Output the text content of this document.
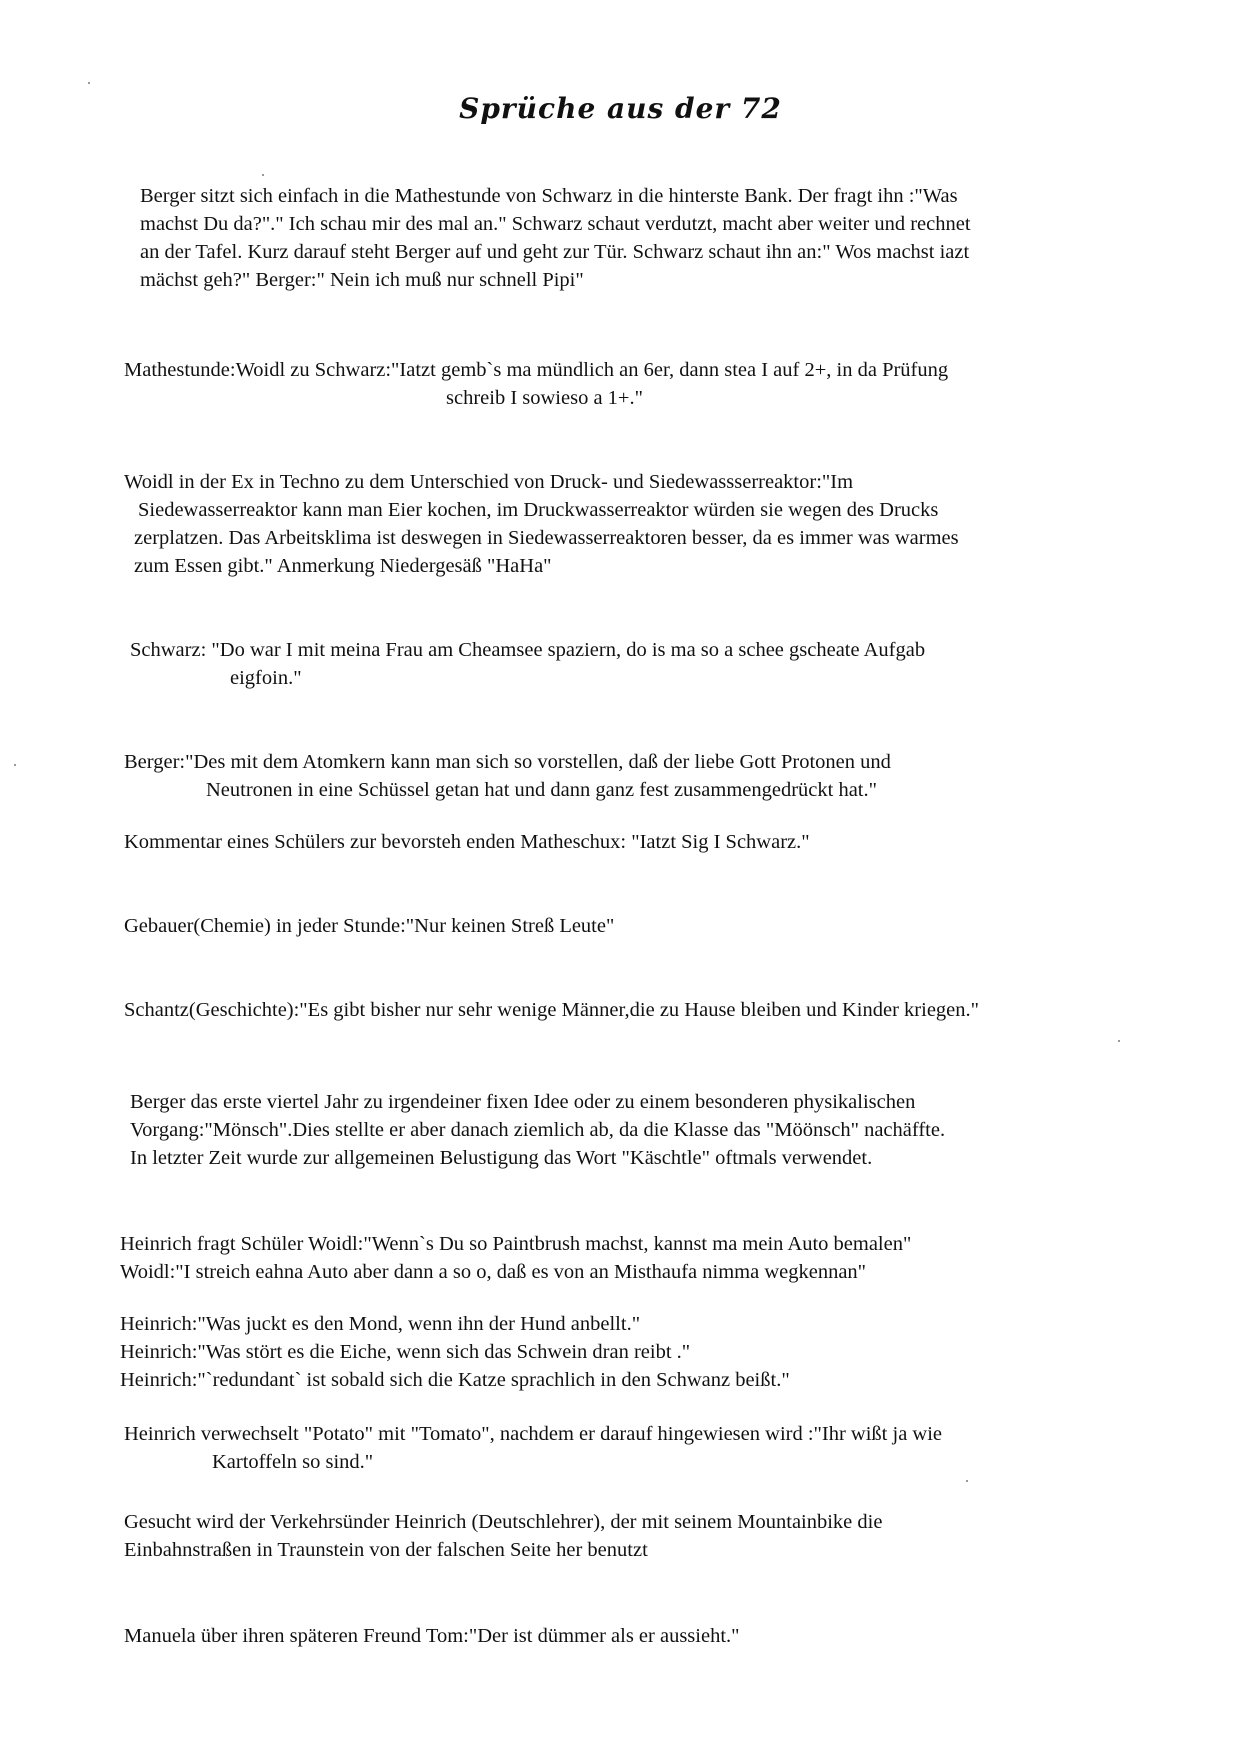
Sprüche aus der 72
Berger sitzt sich einfach in die Mathestunde von Schwarz in die hinterste Bank. Der fragt ihn :"Was
machst Du da?"." Ich schau mir des mal an." Schwarz schaut verdutzt, macht aber weiter und rechnet
an der Tafel. Kurz darauf steht Berger auf und geht zur Tür. Schwarz schaut ihn an:" Wos machst iazt
mächst geh?" Berger:" Nein ich muß nur schnell Pipi"
Mathestunde:Woidl zu Schwarz:"Iatzt gemb`s ma mündlich an 6er, dann stea I auf 2+, in da Prüfung
schreib I sowieso a 1+."
Woidl in der Ex in Techno zu dem Unterschied von Druck- und Siedewassserreaktor:"Im
Siedewasserreaktor kann man Eier kochen, im Druckwasserreaktor würden sie wegen des Drucks
zerplatzen. Das Arbeitsklima ist deswegen in Siedewasserreaktoren besser, da es immer was warmes
zum Essen gibt." Anmerkung Niedergesäß "HaHa"
Schwarz: "Do war I mit meina Frau am Cheamsee spaziern, do is ma so a schee gscheate Aufgab
eigfoin."
Berger:"Des mit dem Atomkern kann man sich so vorstellen, daß der liebe Gott Protonen und
Neutronen in eine Schüssel getan hat und dann ganz fest zusammengedrückt hat."
Kommentar eines Schülers zur bevorsteh enden Matheschux: "Iatzt Sig I Schwarz."
Gebauer(Chemie) in jeder Stunde:"Nur keinen Streß Leute"
Schantz(Geschichte):"Es gibt bisher nur sehr wenige Männer,die zu Hause bleiben und Kinder kriegen."
Berger das erste viertel Jahr zu irgendeiner fixen Idee oder zu einem besonderen physikalischen
Vorgang:"Mönsch".Dies stellte er aber danach ziemlich ab, da die Klasse das "Möönsch" nachäffte.
In letzter Zeit wurde zur allgemeinen Belustigung das Wort "Käschtle" oftmals verwendet.
Heinrich fragt Schüler Woidl:"Wenn`s Du so Paintbrush machst, kannst ma mein Auto bemalen"
Woidl:"I streich eahna Auto aber dann a so o, daß es von an Misthaufa nimma wegkennan"
Heinrich:"Was juckt es den Mond, wenn ihn der Hund anbellt."
Heinrich:"Was stört es die Eiche, wenn sich das Schwein dran reibt ."
Heinrich:"`redundant` ist sobald sich die Katze sprachlich in den Schwanz beißt."
Heinrich verwechselt "Potato" mit "Tomato", nachdem er darauf hingewiesen wird :"Ihr wißt ja wie
Kartoffeln so sind."
Gesucht wird der Verkehrsünder Heinrich (Deutschlehrer), der mit seinem Mountainbike die
Einbahnstraßen in Traunstein von der falschen Seite her benutzt
Manuela über ihren späteren Freund Tom:"Der ist dümmer als er aussieht."
